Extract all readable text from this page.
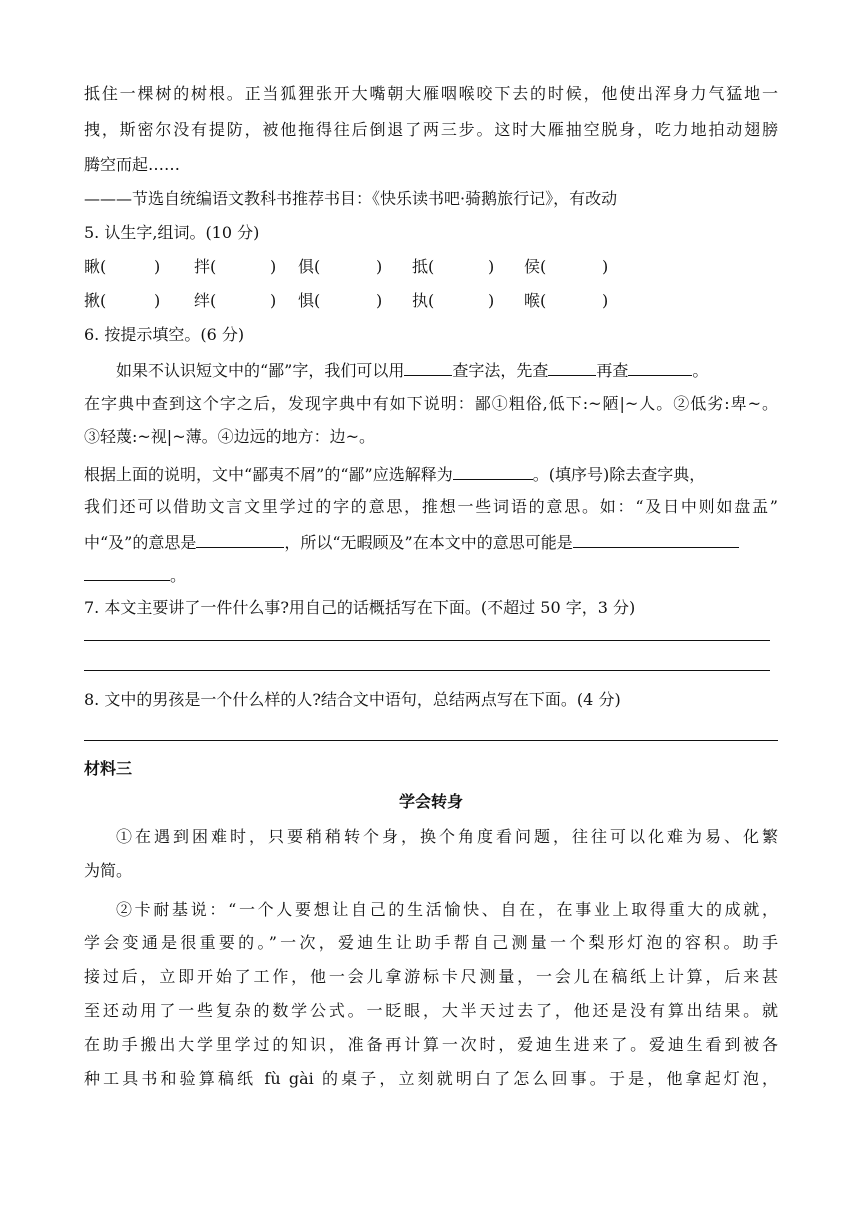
抵住一棵树的树根。正当狐狸张开大嘴朝大雁咽喉咬下去的时候，他使出浑身力气猛地一
拽，斯密尔没有提防，被他拖得往后倒退了两三步。这时大雁抽空脱身，吃力地拍动翅膀
腾空而起……
———节选自统编语文教科书推荐书目：《快乐读书吧·骑鹅旅行记》，有改动
5. 认生字,组词。(10 分)
瞅(	) 拌(	) 俱(	) 抵(	) 侯(	)
揪(	) 绊(	) 惧(	) 执(	) 喉(	)
6. 按提示填空。(6 分)
如果不认识短文中的“鄙”字，我们可以用	查字法，先查	再查	。
在字典中查到这个字之后，发现字典中有如下说明：鄙①粗俗,低下:~陋|~人。②低劣:卑~。
③轻蔑:~视|~薄。④边远的地方：边~。
根据上面的说明，文中“鄙夷不屑”的“鄙”应选解释为	。(填序号)除去查字典，
我们还可以借助文言文里学过的字的意思，推想一些词语的意思。如：“及日中则如盘盂”
中“及”的意思是	，所以“无暇顾及”在本文中的意思可能是
。
7. 本文主要讲了一件什么事?用自己的话概括写在下面。(不超过 50 字，3 分)
8. 文中的男孩是一个什么样的人?结合文中语句，总结两点写在下面。(4 分)
材料三
学会转身
①在遇到困难时，只要稍稍转个身，换个角度看问题，往往可以化难为易、化繁
为简。
②卡耐基说：“一个人要想让自己的生活愉快、自在，在事业上取得重大的成就，
学会变通是很重要的。”一次，爱迪生让助手帮自己测量一个梨形灯泡的容积。助手
接过后，立即开始了工作，他一会儿拿游标卡尺测量，一会儿在稿纸上计算，后来甚
至还动用了一些复杂的数学公式。一眨眼，大半天过去了，他还是没有算出结果。就
在助手搬出大学里学过的知识，准备再计算一次时，爱迪生进来了。爱迪生看到被各
种工具书和验算稿纸 fù gài 的桌子，立刻就明白了怎么回事。于是，他拿起灯泡，
